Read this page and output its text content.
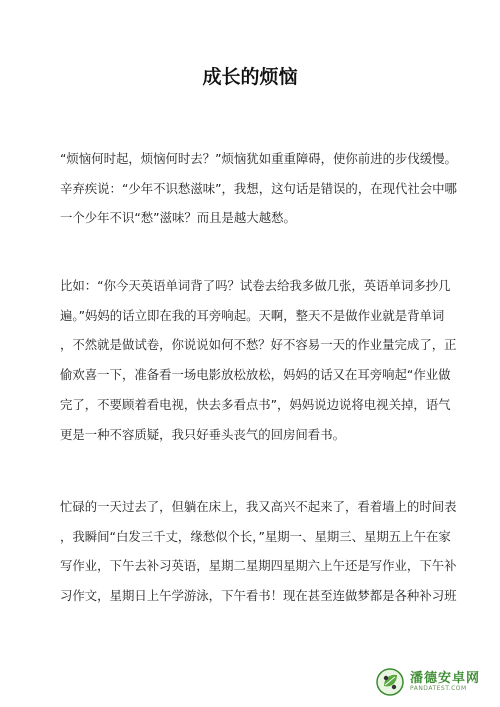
成长的烦恼
“烦恼何时起，烦恼何时去？”烦恼犹如重重障碍，使你前进的步伐缓慢。
辛弃疾说：“少年不识愁滋味”，我想，这句话是错误的，在现代社会中哪
一个少年不识“愁”滋味？而且是越大越愁。
比如：“你今天英语单词背了吗？试卷去给我多做几张，英语单词多抄几
遍。”妈妈的话立即在我的耳旁响起。天啊，整天不是做作业就是背单词
，不然就是做试卷，你说说如何不愁？好不容易一天的作业量完成了，正
偷欢喜一下，准备看一场电影放松放松，妈妈的话又在耳旁响起“作业做
完了，不要顾着看电视，快去多看点书”，妈妈说边说将电视关掉，语气
更是一种不容质疑，我只好垂头丧气的回房间看书。
忙碌的一天过去了，但躺在床上，我又高兴不起来了，看着墙上的时间表
，我瞬间“白发三千丈，缘愁似个长，”星期一、星期三、星期五上午在家
写作业，下午去补习英语，星期二星期四星期六上午还是写作业，下午补
习作文，星期日上午学游泳，下午看书！现在甚至连做梦都是各种补习班
潘德安卓网
PANDATEST.COM
